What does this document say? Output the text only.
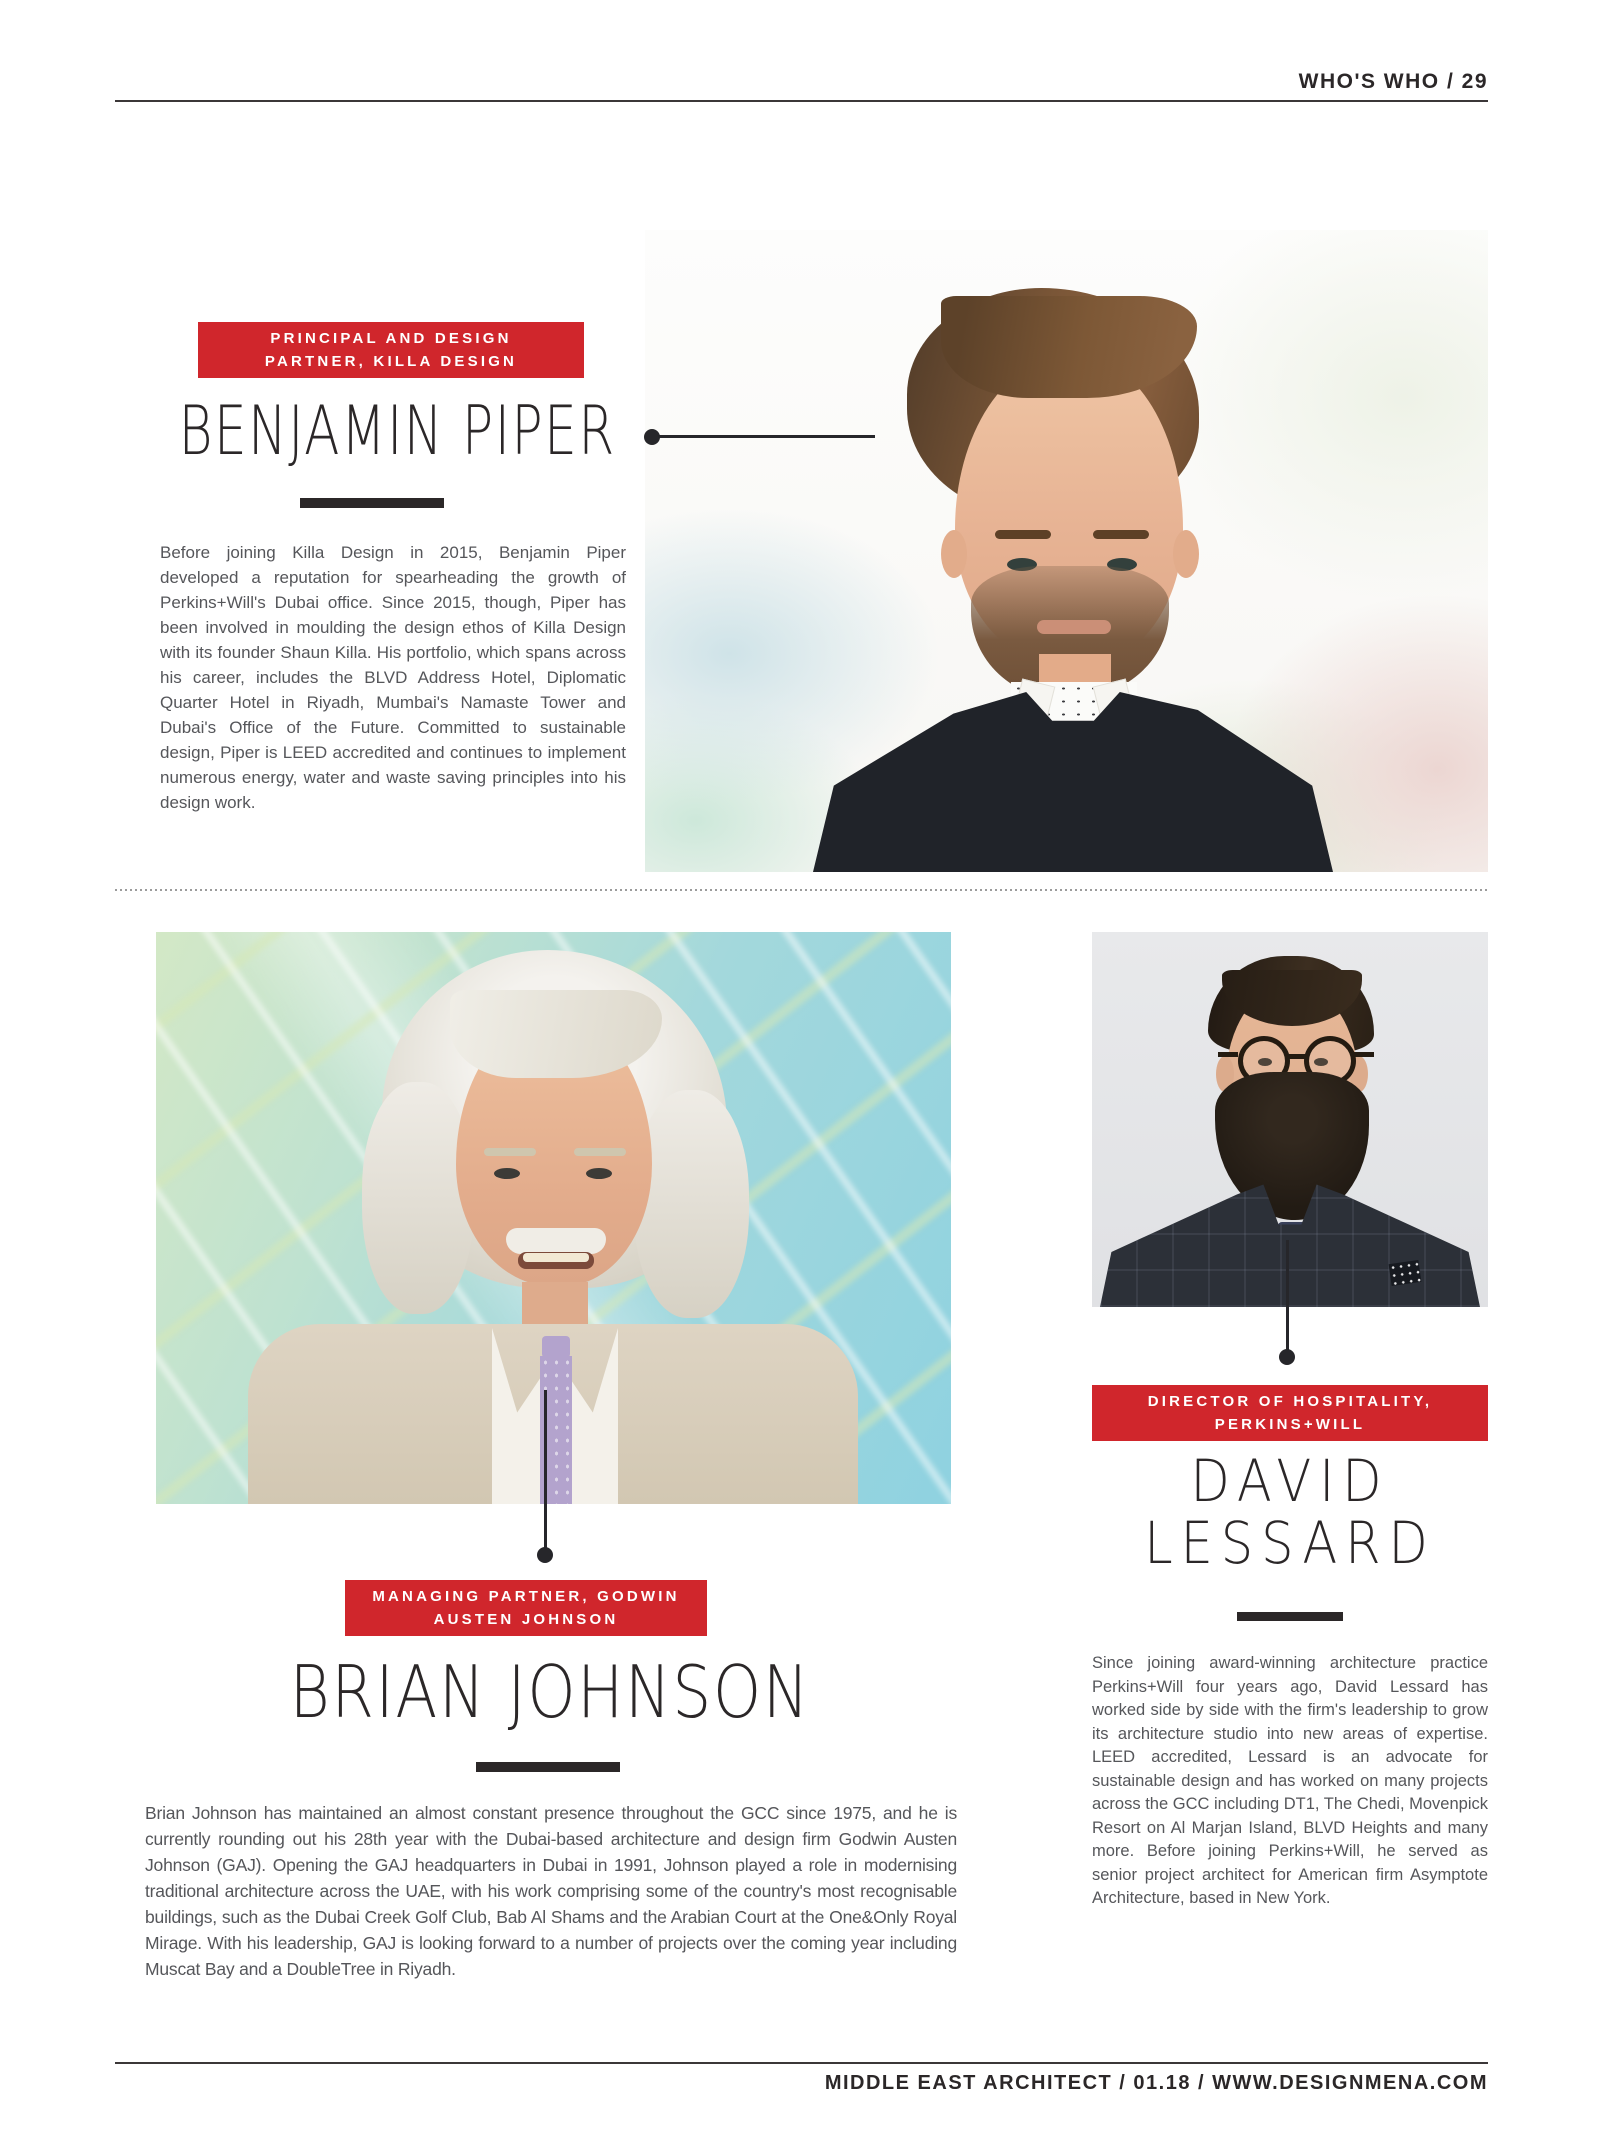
WHO'S WHO / 29
PRINCIPAL AND DESIGN
PARTNER, KILLA DESIGN
BENJAMIN PIPER

Before joining Killa Design in 2015, Benjamin Piper developed a reputation for spearheading the growth of Perkins+Will's Dubai office. Since 2015, though, Piper has been involved in moulding the design ethos of Killa Design with its founder Shaun Killa. His portfolio, which spans across his career, includes the BLVD Address Hotel, Diplomatic Quarter Hotel in Riyadh, Mumbai's Namaste Tower and Dubai's Office of the Future. Committed to sustainable design, Piper is LEED accredited and continues to implement numerous energy, water and waste saving principles into his design work.

MANAGING PARTNER, GODWIN
AUSTEN JOHNSON
BRIAN JOHNSON

Brian Johnson has maintained an almost constant presence throughout the GCC since 1975, and he is currently rounding out his 28th year with the Dubai-based architecture and design firm Godwin Austen Johnson (GAJ). Opening the GAJ headquarters in Dubai in 1991, Johnson played a role in modernising traditional architecture across the UAE, with his work comprising some of the country's most recognisable buildings, such as the Dubai Creek Golf Club, Bab Al Shams and the Arabian Court at the One&Only Royal Mirage. With his leadership, GAJ is looking forward to a number of projects over the coming year including Muscat Bay and a DoubleTree in Riyadh.

DIRECTOR OF HOSPITALITY,
PERKINS+WILL
DAVID LESSARD

Since joining award-winning architecture practice Perkins+Will four years ago, David Lessard has worked side by side with the firm's leadership to grow its architecture studio into new areas of expertise. LEED accredited, Lessard is an advocate for sustainable design and has worked on many projects across the GCC including DT1, The Chedi, Movenpick Resort on Al Marjan Island, BLVD Heights and many more. Before joining Perkins+Will, he served as senior project architect for American firm Asymptote Architecture, based in New York.

MIDDLE EAST ARCHITECT / 01.18 / WWW.DESIGNMENA.COM
